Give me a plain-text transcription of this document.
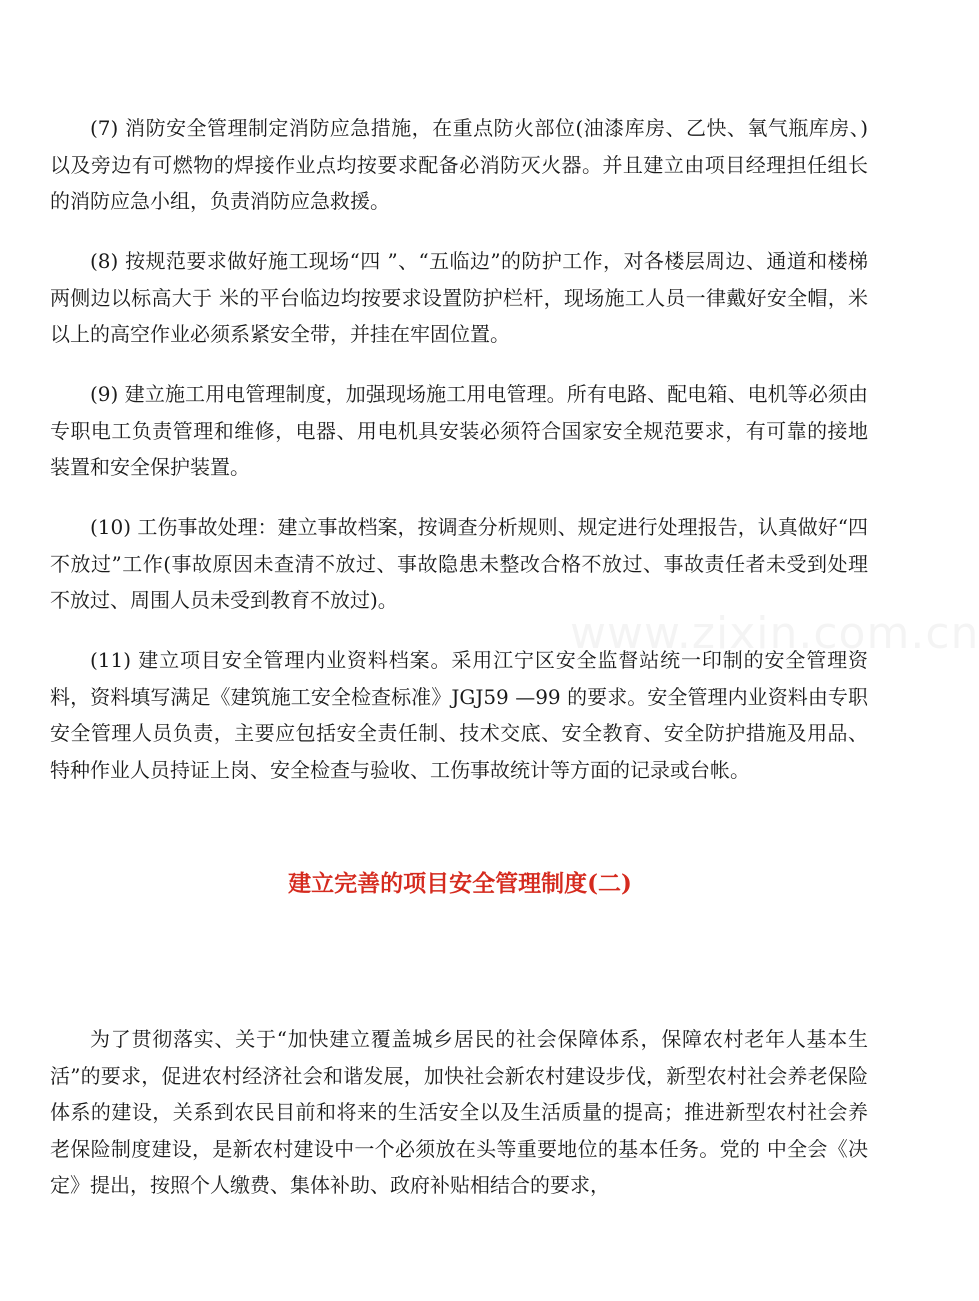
(7) 消防安全管理制定消防应急措施，在重点防火部位(油漆库房、乙快、氧气瓶库房、)以及旁边有可燃物的焊接作业点均按要求配备必消防灭火器。并且建立由项目经理担任组长的消防应急小组，负责消防应急救援。

(8) 按规范要求做好施工现场“四 ”、“五临边”的防护工作，对各楼层周边、通道和楼梯两侧边以标高大于 米的平台临边均按要求设置防护栏杆，现场施工人员一律戴好安全帽，米以上的高空作业必须系紧安全带，并挂在牢固位置。

(9) 建立施工用电管理制度，加强现场施工用电管理。所有电路、配电箱、电机等必须由专职电工负责管理和维修，电器、用电机具安装必须符合国家安全规范要求，有可靠的接地装置和安全保护装置。

(10) 工伤事故处理：建立事故档案，按调查分析规则、规定进行处理报告，认真做好“四不放过”工作(事故原因未查清不放过、事故隐患未整改合格不放过、事故责任者未受到处理不放过、周围人员未受到教育不放过)。

(11) 建立项目安全管理内业资料档案。采用江宁区安全监督站统一印制的安全管理资料，资料填写满足《建筑施工安全检查标准》JGJ59 —99 的要求。安全管理内业资料由专职安全管理人员负责，主要应包括安全责任制、技术交底、安全教育、安全防护措施及用品、特种作业人员持证上岗、安全检查与验收、工伤事故统计等方面的记录或台帐。

建立完善的项目安全管理制度(二)

为了贯彻落实、关于“加快建立覆盖城乡居民的社会保障体系，保障农村老年人基本生活”的要求，促进农村经济社会和谐发展，加快社会新农村建设步伐，新型农村社会养老保险体系的建设，关系到农民目前和将来的生活安全以及生活质量的提高；推进新型农村社会养老保险制度建设，是新农村建设中一个必须放在头等重要地位的基本任务。党的 中全会《决定》提出，按照个人缴费、集体补助、政府补贴相结合的要求，

www.zixin.com.cn
